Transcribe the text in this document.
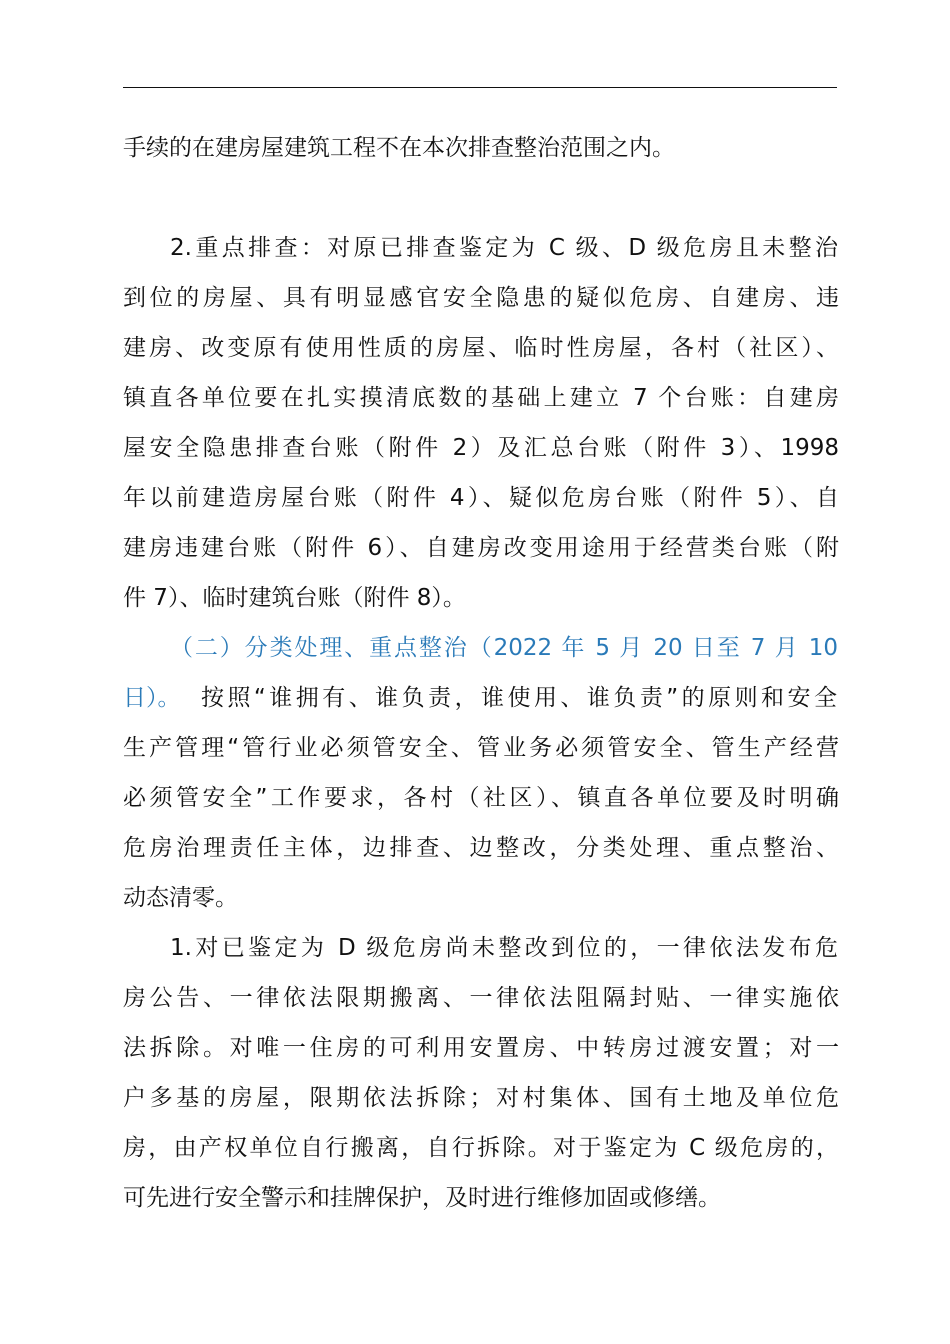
手续的在建房屋建筑工程不在本次排查整治范围之内。
2.重点排查：对原已排查鉴定为 C 级、D 级危房且未整治
到位的房屋、具有明显感官安全隐患的疑似危房、自建房、违
建房、改变原有使用性质的房屋、临时性房屋，各村（社区）、
镇直各单位要在扎实摸清底数的基础上建立 7 个台账：自建房
屋安全隐患排查台账（附件 2）及汇总台账（附件 3）、1998
年以前建造房屋台账（附件 4）、疑似危房台账（附件 5）、自
建房违建台账（附件 6）、自建房改变用途用于经营类台账（附
件 7）、临时建筑台账（附件 8）。
（二）分类处理、重点整治（2022 年 5 月 20 日至 7 月 10
日）。 按照“谁拥有、谁负责，谁使用、谁负责”的原则和安全
生产管理“管行业必须管安全、管业务必须管安全、管生产经营
必须管安全”工作要求，各村（社区）、镇直各单位要及时明确
危房治理责任主体，边排查、边整改，分类处理、重点整治、
动态清零。
1.对已鉴定为 D 级危房尚未整改到位的，一律依法发布危
房公告、一律依法限期搬离、一律依法阻隔封贴、一律实施依
法拆除。对唯一住房的可利用安置房、中转房过渡安置；对一
户多基的房屋，限期依法拆除；对村集体、国有土地及单位危
房，由产权单位自行搬离，自行拆除。对于鉴定为 C 级危房的，
可先进行安全警示和挂牌保护，及时进行维修加固或修缮。
